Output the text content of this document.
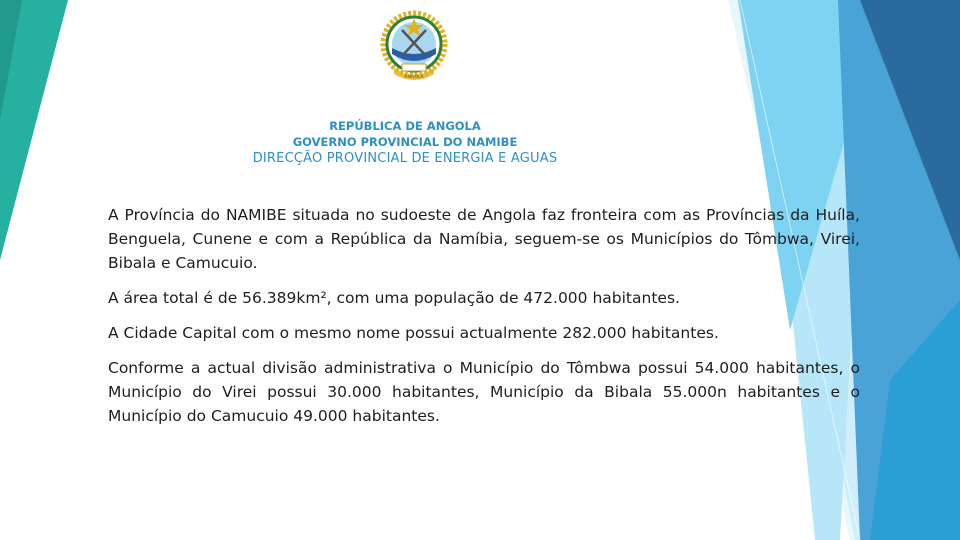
ANGOLA
REPÚBLICA DE ANGOLA
GOVERNO PROVINCIAL DO NAMIBE
DIRECÇÃO PROVINCIAL DE ENERGIA E AGUAS

A Província do NAMIBE situada no sudoeste de Angola faz fronteira com as Províncias da Huíla, Benguela, Cunene e com a República da Namíbia, seguem-se os Municípios do Tômbwa, Virei, Bibala e Camucuio.

A área total é de 56.389km², com uma população de 472.000 habitantes.

A Cidade Capital com o mesmo nome possui actualmente 282.000 habitantes.

Conforme a actual divisão administrativa o Município do Tômbwa possui 54.000 habitantes, o Município do Virei possui 30.000 habitantes, Município da Bibala 55.000n habitantes e o Município do Camucuio 49.000 habitantes.
